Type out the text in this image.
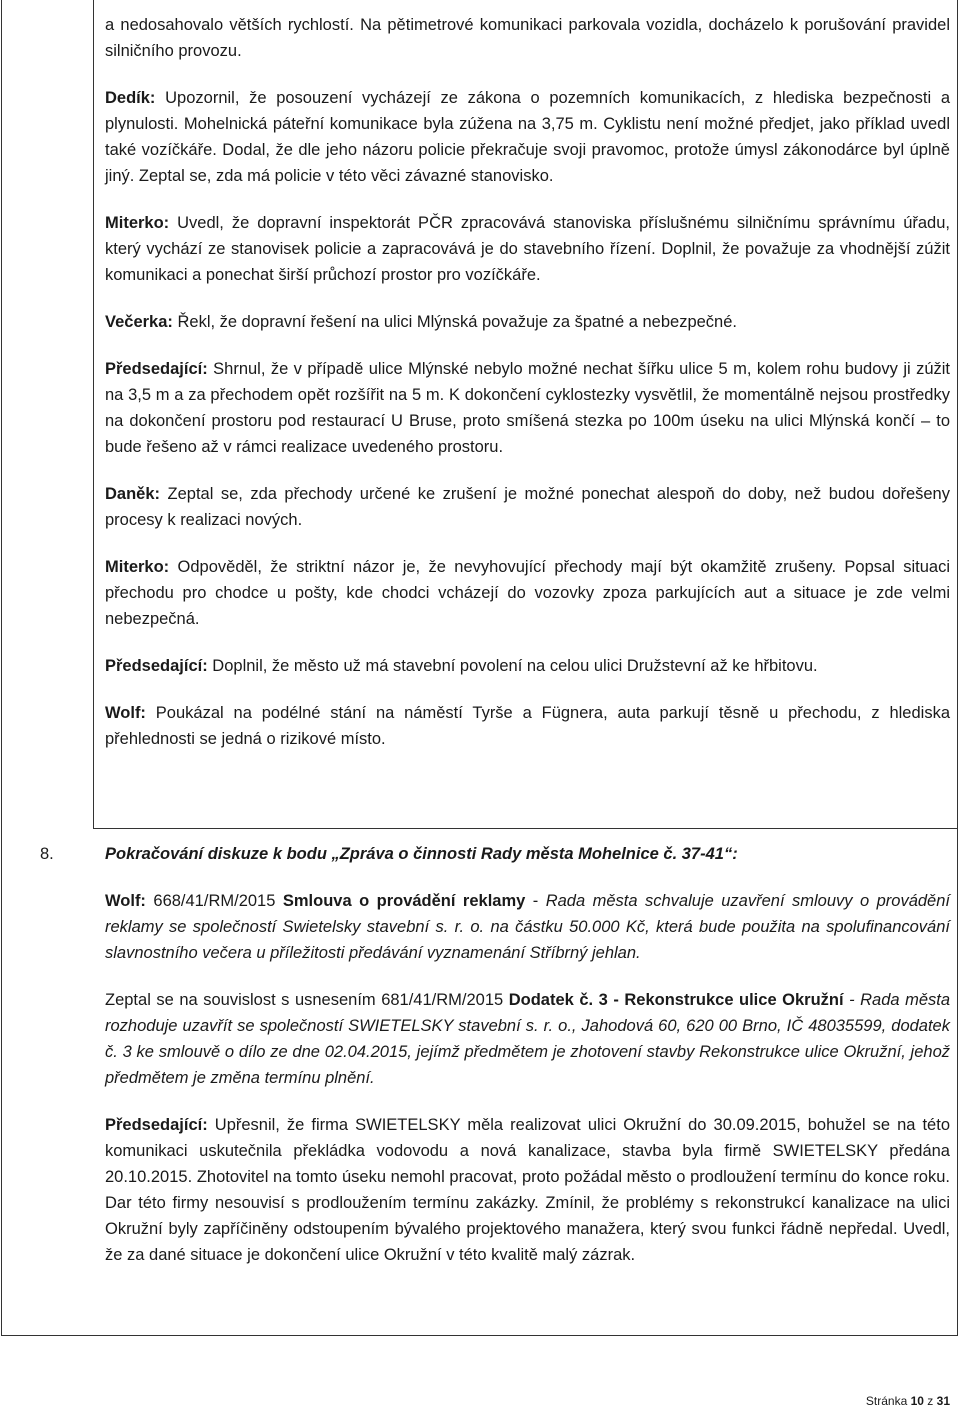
a nedosahovalo větších rychlostí. Na pětimetrové komunikaci parkovala vozidla, docházelo k porušování pravidel silničního provozu.

Dedík: Upozornil, že posouzení vycházejí ze zákona o pozemních komunikacích, z hlediska bezpečnosti a plynulosti. Mohelnická páteřní komunikace byla zúžena na 3,75 m. Cyklistu není možné předjet, jako příklad uvedl také vozíčkáře. Dodal, že dle jeho názoru policie překračuje svoji pravomoc, protože úmysl zákonodárce byl úplně jiný. Zeptal se, zda má policie v této věci závazné stanovisko.

Miterko: Uvedl, že dopravní inspektorát PČR zpracovává stanoviska příslušnému silničnímu správnímu úřadu, který vychází ze stanovisek policie a zapracovává je do stavebního řízení. Doplnil, že považuje za vhodnější zúžit komunikaci a ponechat širší průchozí prostor pro vozíčkáře.

Večerka: Řekl, že dopravní řešení na ulici Mlýnská považuje za špatné a nebezpečné.

Předsedající: Shrnul, že v případě ulice Mlýnské nebylo možné nechat šířku ulice 5 m, kolem rohu budovy ji zúžit na 3,5 m a za přechodem opět rozšířit na 5 m. K dokončení cyklostezky vysvětlil, že momentálně nejsou prostředky na dokončení prostoru pod restaurací U Bruse, proto smíšená stezka po 100m úseku na ulici Mlýnská končí – to bude řešeno až v rámci realizace uvedeného prostoru.

Daněk: Zeptal se, zda přechody určené ke zrušení je možné ponechat alespoň do doby, než budou dořešeny procesy k realizaci nových.

Miterko: Odpověděl, že striktní názor je, že nevyhovující přechody mají být okamžitě zrušeny. Popsal situaci přechodu pro chodce u pošty, kde chodci vcházejí do vozovky zpoza parkujících aut a situace je zde velmi nebezpečná.

Předsedající: Doplnil, že město už má stavební povolení na celou ulici Družstevní až ke hřbitovu.

Wolf: Poukázal na podélné stání na náměstí Tyrše a Fügnera, auta parkují těsně u přechodu, z hlediska přehlednosti se jedná o rizikové místo.

8.	Pokračování diskuze k bodu „Zpráva o činnosti Rady města Mohelnice č. 37-41“:

Wolf: 668/41/RM/2015 Smlouva o provádění reklamy - Rada města schvaluje uzavření smlouvy o provádění reklamy se společností Swietelsky stavební s. r. o. na částku 50.000 Kč, která bude použita na spolufinancování slavnostního večera u příležitosti předávání vyznamenání Stříbrný jehlan.

Zeptal se na souvislost s usnesením 681/41/RM/2015 Dodatek č. 3 - Rekonstrukce ulice Okružní - Rada města rozhoduje uzavřít se společností SWIETELSKY stavební s. r. o., Jahodová 60, 620 00 Brno, IČ 48035599, dodatek č. 3 ke smlouvě o dílo ze dne 02.04.2015, jejímž předmětem je zhotovení stavby Rekonstrukce ulice Okružní, jehož předmětem je změna termínu plnění.

Předsedající: Upřesnil, že firma SWIETELSKY měla realizovat ulici Okružní do 30.09.2015, bohužel se na této komunikaci uskutečnila překládka vodovodu a nová kanalizace, stavba byla firmě SWIETELSKY předána 20.10.2015. Zhotovitel na tomto úseku nemohl pracovat, proto požádal město o prodloužení termínu do konce roku. Dar této firmy nesouvisí s prodloužením termínu zakázky. Zmínil, že problémy s rekonstrukcí kanalizace na ulici Okružní byly zapříčiněny odstoupením bývalého projektového manažera, který svou funkci řádně nepředal. Uvedl, že za dané situace je dokončení ulice Okružní v této kvalitě malý zázrak.

Stránka 10 z 31
